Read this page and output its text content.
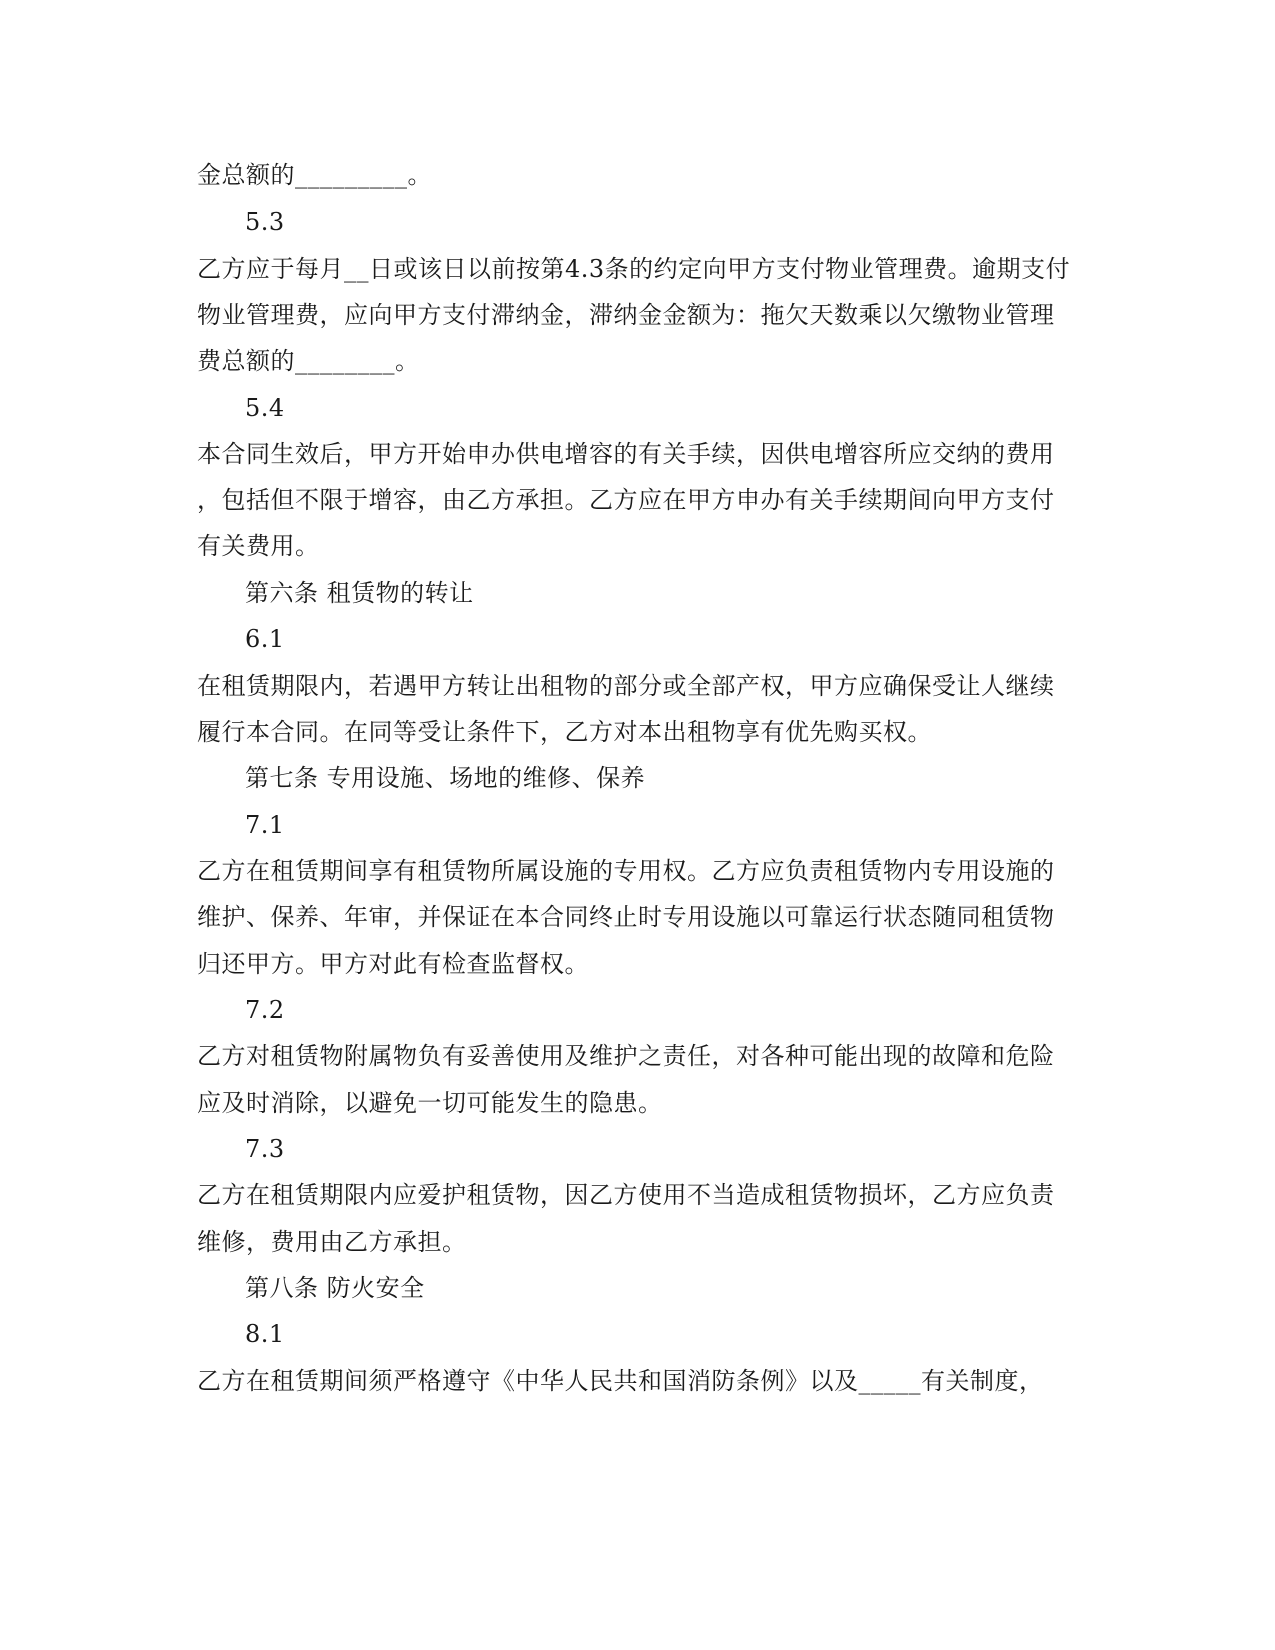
金总额的_________。
5.3
乙方应于每月__日或该日以前按第4.3条的约定向甲方支付物业管理费。逾期支付
物业管理费，应向甲方支付滞纳金，滞纳金金额为：拖欠天数乘以欠缴物业管理
费总额的________。
5.4
本合同生效后，甲方开始申办供电增容的有关手续，因供电增容所应交纳的费用
，包括但不限于增容，由乙方承担。乙方应在甲方申办有关手续期间向甲方支付
有关费用。
第六条 租赁物的转让
6.1
在租赁期限内，若遇甲方转让出租物的部分或全部产权，甲方应确保受让人继续
履行本合同。在同等受让条件下，乙方对本出租物享有优先购买权。
第七条 专用设施、场地的维修、保养
7.1
乙方在租赁期间享有租赁物所属设施的专用权。乙方应负责租赁物内专用设施的
维护、保养、年审，并保证在本合同终止时专用设施以可靠运行状态随同租赁物
归还甲方。甲方对此有检查监督权。
7.2
乙方对租赁物附属物负有妥善使用及维护之责任，对各种可能出现的故障和危险
应及时消除，以避免一切可能发生的隐患。
7.3
乙方在租赁期限内应爱护租赁物，因乙方使用不当造成租赁物损坏，乙方应负责
维修，费用由乙方承担。
第八条 防火安全
8.1
乙方在租赁期间须严格遵守《中华人民共和国消防条例》以及_____有关制度，
